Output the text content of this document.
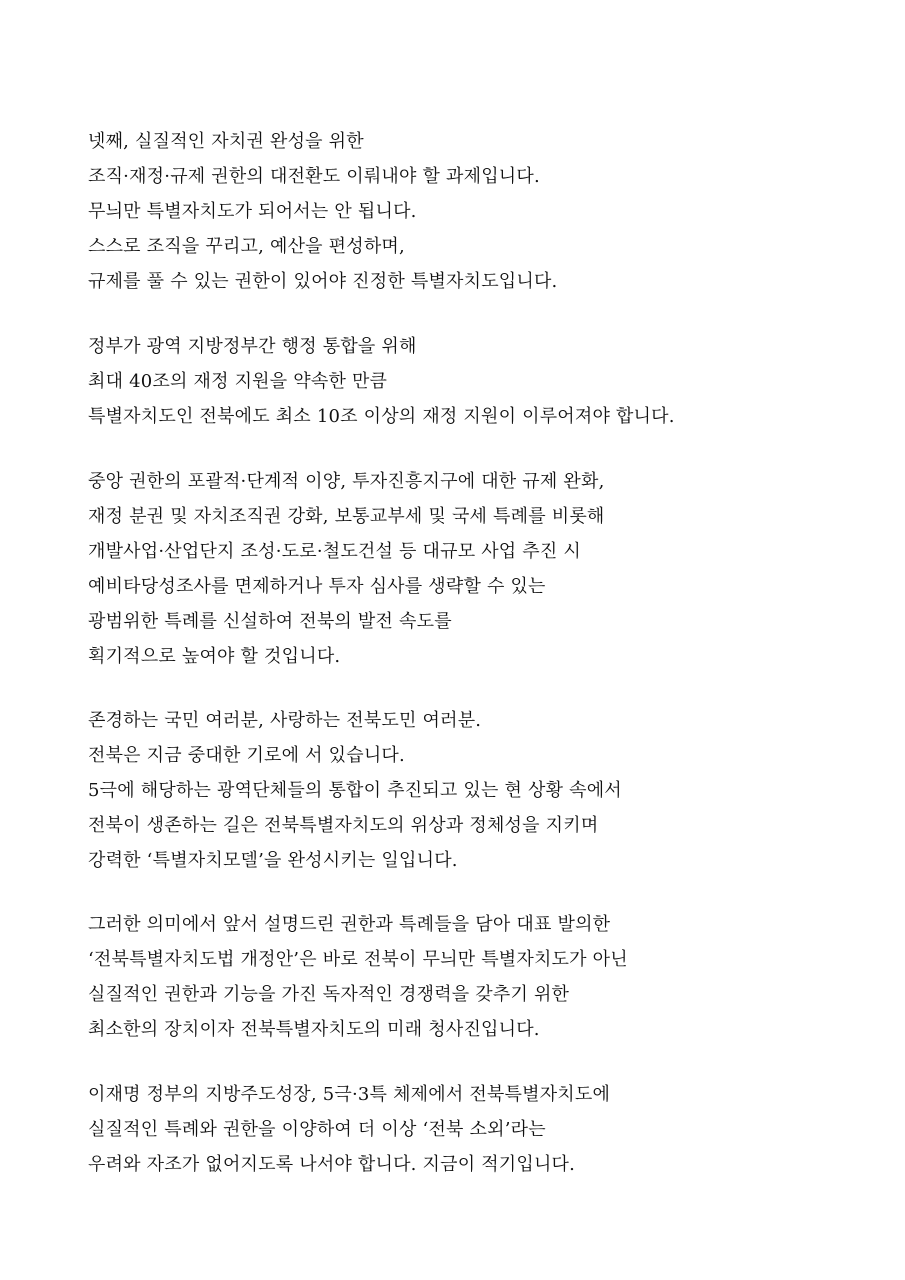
넷째, 실질적인 자치권 완성을 위한
조직·재정·규제 권한의 대전환도 이뤄내야 할 과제입니다.
무늬만 특별자치도가 되어서는 안 됩니다.
스스로 조직을 꾸리고, 예산을 편성하며,
규제를 풀 수 있는 권한이 있어야 진정한 특별자치도입니다.
정부가 광역 지방정부간 행정 통합을 위해
최대 40조의 재정 지원을 약속한 만큼
특별자치도인 전북에도 최소 10조 이상의 재정 지원이 이루어져야 합니다.
중앙 권한의 포괄적·단계적 이양, 투자진흥지구에 대한 규제 완화,
재정 분권 및 자치조직권 강화, 보통교부세 및 국세 특례를 비롯해
개발사업·산업단지 조성·도로·철도건설 등 대규모 사업 추진 시
예비타당성조사를 면제하거나 투자 심사를 생략할 수 있는
광범위한 특례를 신설하여 전북의 발전 속도를
획기적으로 높여야 할 것입니다.
존경하는 국민 여러분, 사랑하는 전북도민 여러분.
전북은 지금 중대한 기로에 서 있습니다.
5극에 해당하는 광역단체들의 통합이 추진되고 있는 현 상황 속에서
전북이 생존하는 길은 전북특별자치도의 위상과 정체성을 지키며
강력한 ‘특별자치모델’을 완성시키는 일입니다.
그러한 의미에서 앞서 설명드린 권한과 특례들을 담아 대표 발의한
‘전북특별자치도법 개정안’은 바로 전북이 무늬만 특별자치도가 아닌
실질적인 권한과 기능을 가진 독자적인 경쟁력을 갖추기 위한
최소한의 장치이자 전북특별자치도의 미래 청사진입니다.
이재명 정부의 지방주도성장, 5극·3특 체제에서 전북특별자치도에
실질적인 특례와 권한을 이양하여 더 이상 ‘전북 소외’라는
우려와 자조가 없어지도록 나서야 합니다. 지금이 적기입니다.
